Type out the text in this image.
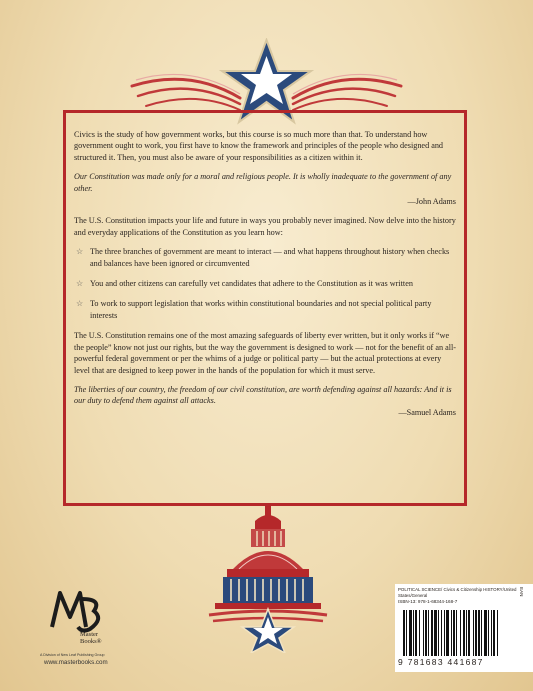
Civics is the study of how government works, but this course is so much more than that. To understand how government ought to work, you first have to know the framework and principles of the people who designed and structured it. Then, you must also be aware of your responsibilities as a citizen within it.

Our Constitution was made only for a moral and religious people. It is wholly inadequate to the government of any other.

—John Adams

The U.S. Constitution impacts your life and future in ways you probably never imagined. Now delve into the history and everyday applications of the Constitution as you learn how:

☆ The three branches of government are meant to interact — and what happens throughout history when checks and balances have been ignored or circumvented
☆ You and other citizens can carefully vet candidates that adhere to the Constitution as it was written
☆ To work to support legislation that works within constitutional boundaries and not special political party interests

The U.S. Constitution remains one of the most amazing safeguards of liberty ever written, but it only works if “we the people” know not just our rights, but the way the government is designed to work — not for the benefit of an all-powerful federal government or per the whims of a judge or political party — but the actual protections at every level that are designed to keep power in the hands of the population for which it must serve.

The liberties of our country, the freedom of our civil constitution, are worth defending against all hazards: And it is our duty to defend them against all attacks.

—Samuel Adams

Master Books®
A Division of New Leaf Publishing Group
www.masterbooks.com
POLITICAL SCIENCE/ Civics & Citizenship HISTORY/United States/General
ISBN-13: 978-1-68344-168-7
EAN
9 781683 441687
